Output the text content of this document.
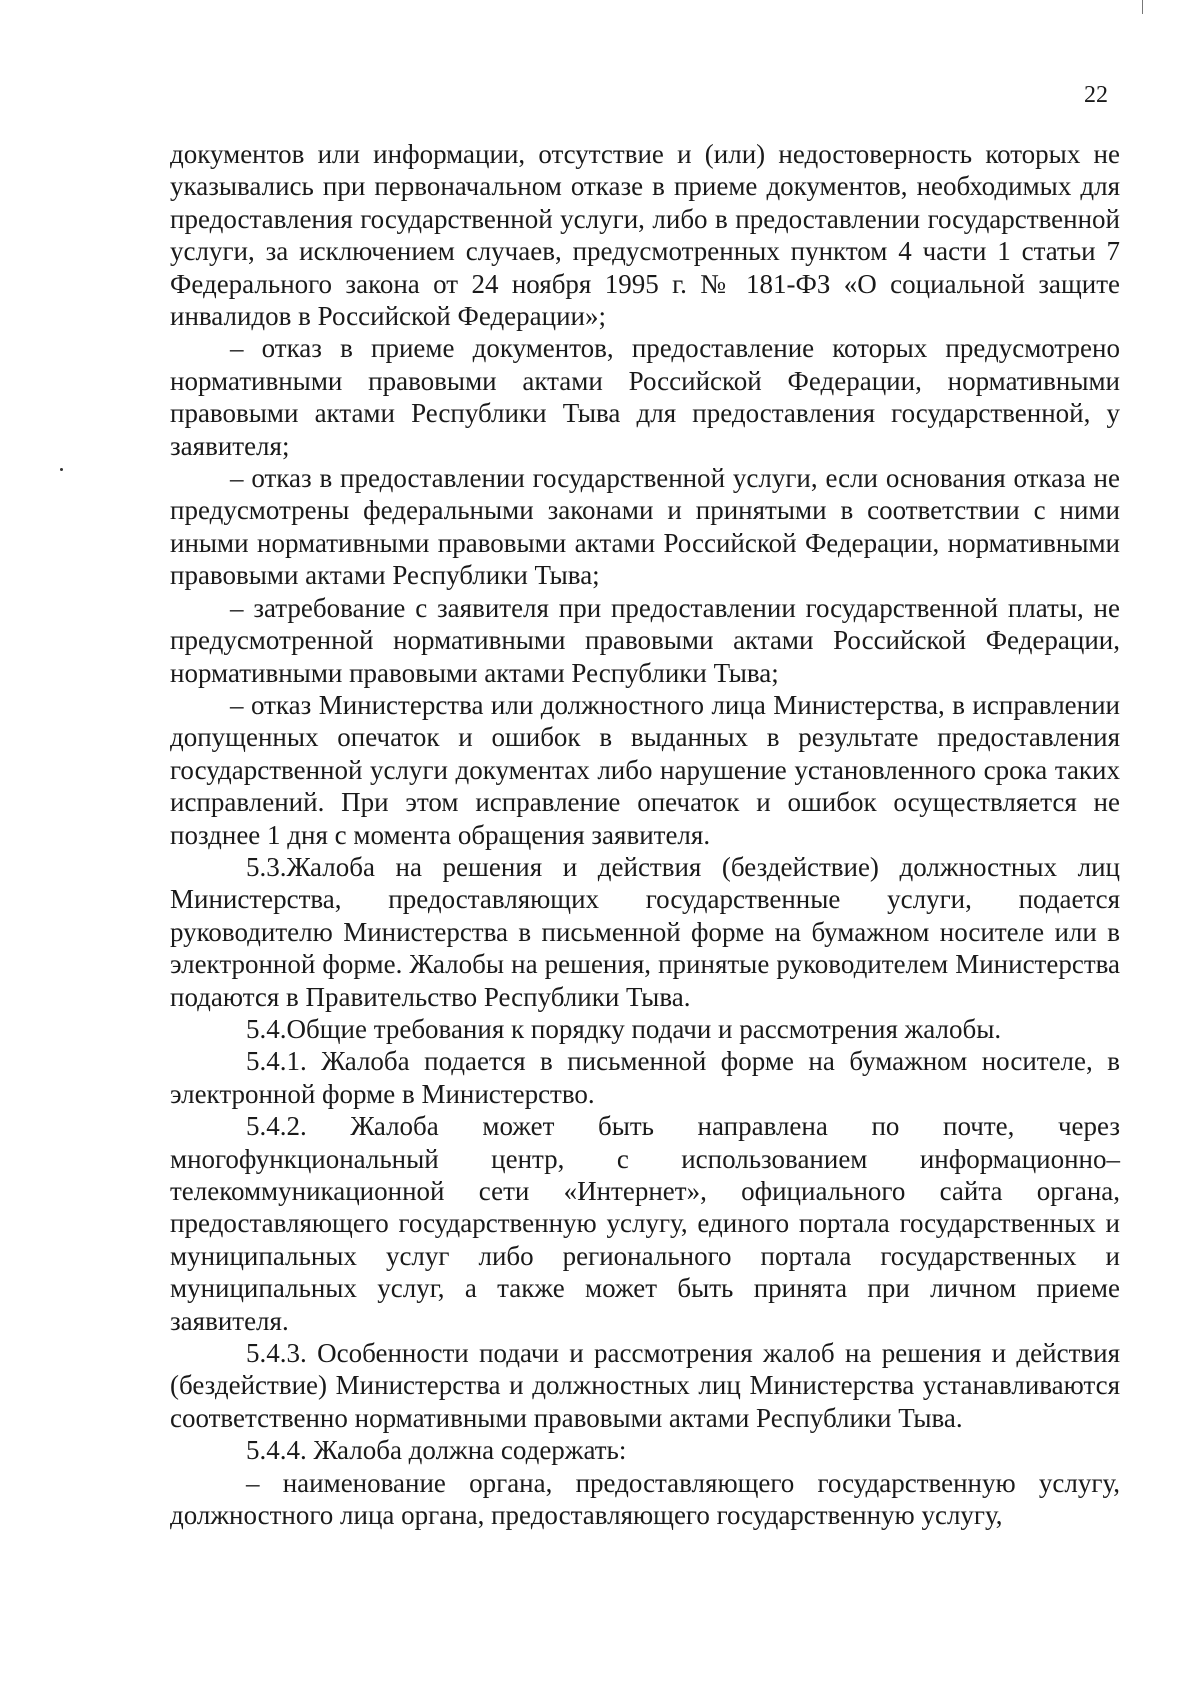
22

документов или информации, отсутствие и (или) недостоверность которых не указывались при первоначальном отказе в приеме документов, необходимых для предоставления государственной услуги, либо в предоставлении государственной услуги, за исключением случаев, предусмотренных пунктом 4 части 1 статьи 7 Федерального закона от 24 ноября 1995 г. № 181-ФЗ «О социальной защите инвалидов в Российской Федерации»;

– отказ в приеме документов, предоставление которых предусмотрено нормативными правовыми актами Российской Федерации, нормативными правовыми актами Республики Тыва для предоставления государственной, у заявителя;

– отказ в предоставлении государственной услуги, если основания отказа не предусмотрены федеральными законами и принятыми в соответствии с ними иными нормативными правовыми актами Российской Федерации, нормативными правовыми актами Республики Тыва;

– затребование с заявителя при предоставлении государственной платы, не предусмотренной нормативными правовыми актами Российской Федерации, нормативными правовыми актами Республики Тыва;

– отказ Министерства или должностного лица Министерства, в исправлении допущенных опечаток и ошибок в выданных в результате предоставления государственной услуги документах либо нарушение установленного срока таких исправлений. При этом исправление опечаток и ошибок осуществляется не позднее 1 дня с момента обращения заявителя.

5.3.Жалоба на решения и действия (бездействие) должностных лиц Министерства, предоставляющих государственные услуги, подается руководителю Министерства в письменной форме на бумажном носителе или в электронной форме. Жалобы на решения, принятые руководителем Министерства подаются в Правительство Республики Тыва.

5.4.Общие требования к порядку подачи и рассмотрения жалобы.

5.4.1. Жалоба подается в письменной форме на бумажном носителе, в электронной форме в Министерство.

5.4.2. Жалоба может быть направлена по почте, через многофункциональный центр, с использованием информационно–телекоммуникационной сети «Интернет», официального сайта органа, предоставляющего государственную услугу, единого портала государственных и муниципальных услуг либо регионального портала государственных и муниципальных услуг, а также может быть принята при личном приеме заявителя.

5.4.3. Особенности подачи и рассмотрения жалоб на решения и действия (бездействие) Министерства и должностных лиц Министерства устанавливаются соответственно нормативными правовыми актами Республики Тыва.

5.4.4. Жалоба должна содержать:

– наименование органа, предоставляющего государственную услугу, должностного лица органа, предоставляющего государственную услугу,
